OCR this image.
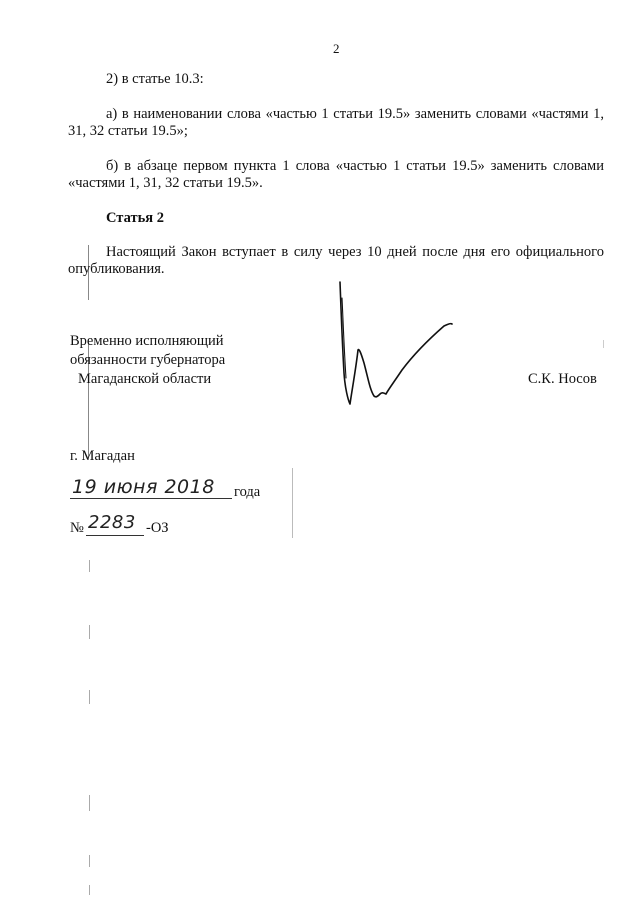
2
2) в статье 10.3:
а) в наименовании слова «частью 1 статьи 19.5» заменить словами «частями 1, 31, 32 статьи 19.5»;
б) в абзаце первом пункта 1 слова «частью 1 статьи 19.5» заменить словами «частями 1, 31, 32 статьи 19.5».
Статья 2
Настоящий Закон вступает в силу через 10 дней после дня его официального опубликования.
Временно исполняющий
обязанности губернатора
Магаданской области	С.К. Носов
г. Магадан
19 июня 2018 года
№ 2283 -ОЗ
